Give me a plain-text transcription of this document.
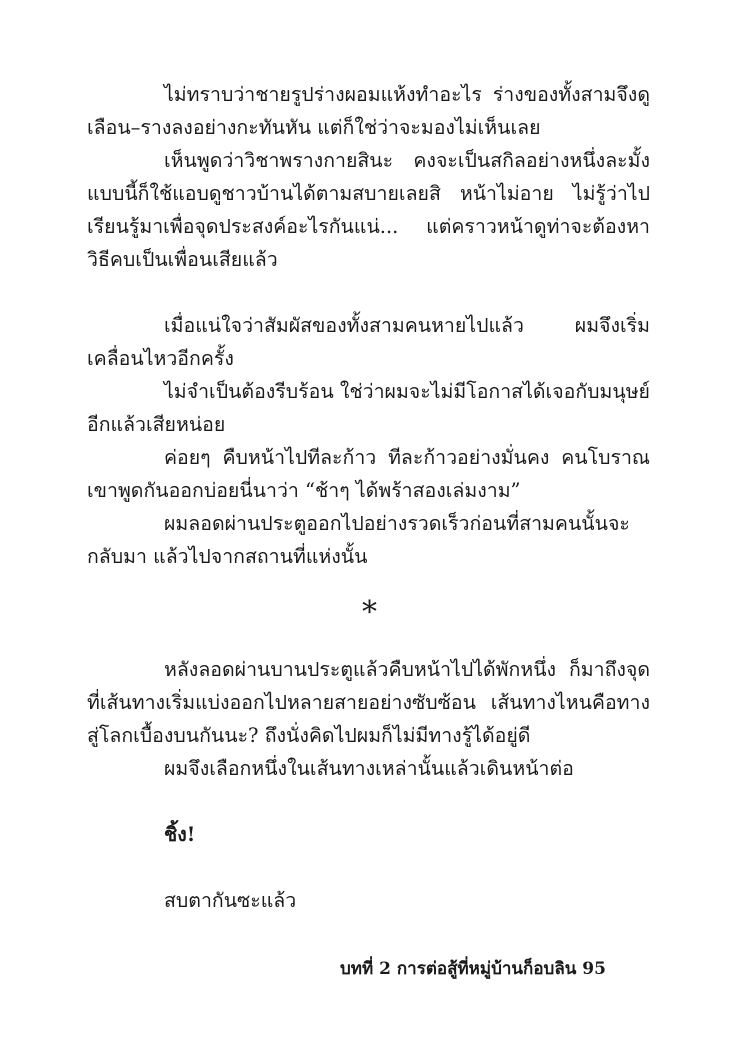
ไม่ทราบว่าชายรูปร่างผอมแห้งทำอะไร ร่างของทั้งสามจึงดูเลือน–รางลงอย่างกะทันหัน แต่ก็ใช่ว่าจะมองไม่เห็นเลย

เห็นพูดว่าวิชาพรางกายสินะ คงจะเป็นสกิลอย่างหนึ่งละมั้ง แบบนี้ก็ใช้แอบดูชาวบ้านได้ตามสบายเลยสิ หน้าไม่อาย ไม่รู้ว่าไปเรียนรู้มาเพื่อจุดประสงค์อะไรกันแน่... แต่คราวหน้าดูท่าจะต้องหาวิธีคบเป็นเพื่อนเสียแล้ว

เมื่อแน่ใจว่าสัมผัสของทั้งสามคนหายไปแล้ว ผมจึงเริ่มเคลื่อนไหวอีกครั้ง

ไม่จำเป็นต้องรีบร้อน ใช่ว่าผมจะไม่มีโอกาสได้เจอกับมนุษย์อีกแล้วเสียหน่อย

ค่อยๆ คืบหน้าไปทีละก้าว ทีละก้าวอย่างมั่นคง คนโบราณเขาพูดกันออกบ่อยนี่นาว่า “ช้าๆ ได้พร้าสองเล่มงาม”

ผมลอดผ่านประตูออกไปอย่างรวดเร็วก่อนที่สามคนนั้นจะกลับมา แล้วไปจากสถานที่แห่งนั้น

*

หลังลอดผ่านบานประตูแล้วคืบหน้าไปได้พักหนึ่ง ก็มาถึงจุดที่เส้นทางเริ่มแบ่งออกไปหลายสายอย่างซับซ้อน เส้นทางไหนคือทางสู่โลกเบื้องบนกันนะ? ถึงนั่งคิดไปผมก็ไม่มีทางรู้ได้อยู่ดี

ผมจึงเลือกหนึ่งในเส้นทางเหล่านั้นแล้วเดินหน้าต่อ

ชิ้ง!

สบตากันซะแล้ว

บทที่ 2 การต่อสู้ที่หมู่บ้านก็อบลิน 95
